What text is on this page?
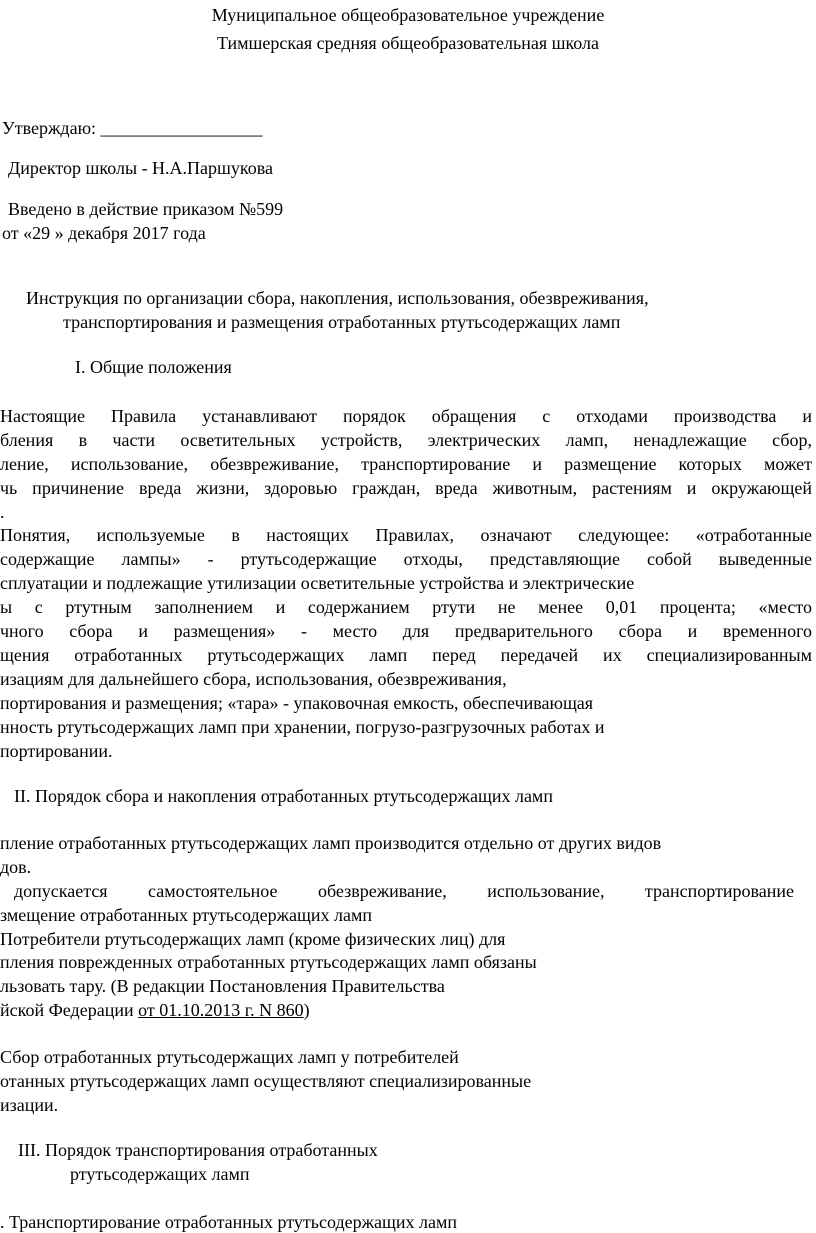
Муниципальное общеобразовательное учреждение

Тимшерская средняя общеобразовательная школа

Утверждаю: __________________

Директор школы - Н.А.Паршукова

Введено в действие приказом №599

от «29 » декабря 2017 года

Инструкция по организации сбора, накопления, использования, обезвреживания,

транспортирования и размещения отработанных ртутьсодержащих ламп

I. Общие положения

Настоящие Правила устанавливают порядок обращения с отходами производства и

бления в части осветительных устройств, электрических ламп, ненадлежащие сбор,

ление, использование, обезвреживание, транспортирование и размещение которых может

чь причинение вреда жизни, здоровью граждан, вреда животным, растениям и окружающей

.

Понятия, используемые в настоящих Правилах, означают следующее: «отработанные

содержащие лампы» - ртутьсодержащие отходы, представляющие собой выведенные

сплуатации и подлежащие утилизации осветительные устройства и электрические

ы с ртутным заполнением и содержанием ртути не менее 0,01 процента; «место

чного сбора и размещения» - место для предварительного сбора и временного

щения отработанных ртутьсодержащих ламп перед передачей их специализированным

изациям для дальнейшего сбора, использования, обезвреживания,

портирования и размещения; «тара» - упаковочная емкость, обеспечивающая

нность ртутьсодержащих ламп при хранении, погрузо-разгрузочных работах и

портировании.

II. Порядок сбора и накопления отработанных ртутьсодержащих ламп

пление отработанных ртутьсодержащих ламп производится отдельно от других видов

дов.

допускается самостоятельное обезвреживание, использование, транспортирование

змещение отработанных ртутьсодержащих ламп

Потребители ртутьсодержащих ламп (кроме физических лиц) для

пления поврежденных отработанных ртутьсодержащих ламп обязаны

льзовать тару. (В редакции Постановления Правительства

йской Федерации от 01.10.2013 г. N 860)

Сбор отработанных ртутьсодержащих ламп у потребителей

отанных ртутьсодержащих ламп осуществляют специализированные

изации.

III. Порядок транспортирования отработанных

ртутьсодержащих ламп

. Транспортирование отработанных ртутьсодержащих ламп
